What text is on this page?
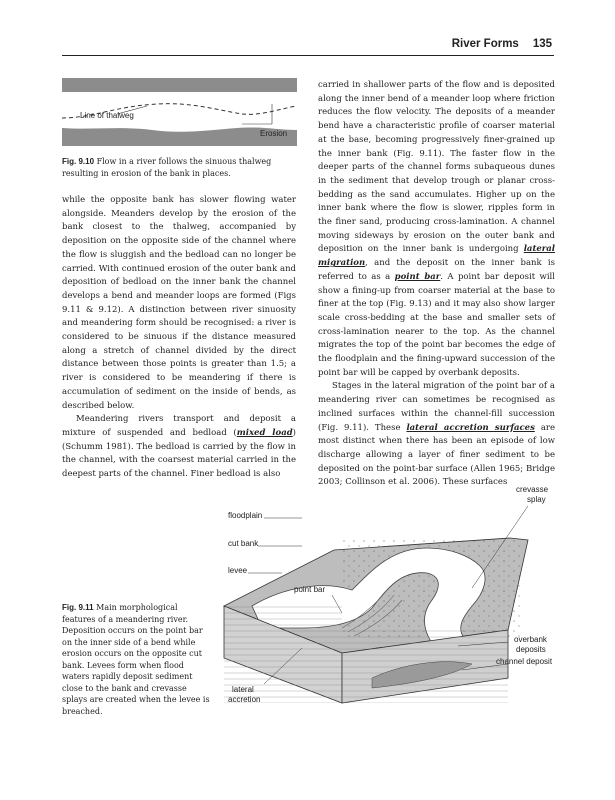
River Forms 135
Line of thalweg
Erosion
Fig. 9.10 Flow in a river follows the sinuous thalweg resulting in erosion of the bank in places.

while the opposite bank has slower flowing water alongside. Meanders develop by the erosion of the bank closest to the thalweg, accompanied by deposition on the opposite side of the channel where the flow is sluggish and the bedload can no longer be carried. With continued erosion of the outer bank and deposition of bedload on the inner bank the channel develops a bend and meander loops are formed (Figs 9.11 & 9.12). A distinction between river sinuosity and meandering form should be recognised: a river is considered to be sinuous if the distance measured along a stretch of channel divided by the direct distance between those points is greater than 1.5; a river is considered to be meandering if there is accumulation of sediment on the inside of bends, as described below.

Meandering rivers transport and deposit a mixture of suspended and bedload (mixed load) (Schumm 1981). The bedload is carried by the flow in the channel, with the coarsest material carried in the deepest parts of the channel. Finer bedload is also

carried in shallower parts of the flow and is deposited along the inner bend of a meander loop where friction reduces the flow velocity. The deposits of a meander bend have a characteristic profile of coarser material at the base, becoming progressively finer-grained up the inner bank (Fig. 9.11). The faster flow in the deeper parts of the channel forms subaqueous dunes in the sediment that develop trough or planar cross-bedding as the sand accumulates. Higher up on the inner bank where the flow is slower, ripples form in the finer sand, producing cross-lamination. A channel moving sideways by erosion on the outer bank and deposition on the inner bank is undergoing lateral migration, and the deposit on the inner bank is referred to as a point bar. A point bar deposit will show a fining-up from coarser material at the base to finer at the top (Fig. 9.13) and it may also show larger scale cross-bedding at the base and smaller sets of cross-lamination nearer to the top. As the channel migrates the top of the point bar becomes the edge of the floodplain and the fining-upward succession of the point bar will be capped by overbank deposits.

Stages in the lateral migration of the point bar of a meandering river can sometimes be recognised as inclined surfaces within the channel-fill succession (Fig. 9.11). These lateral accretion surfaces are most distinct when there has been an episode of low discharge allowing a layer of finer sediment to be deposited on the point-bar surface (Allen 1965; Bridge 2003; Collinson et al. 2006). These surfaces

crevasse
splay
floodplain
cut bank
levee
point bar
overbank
deposits
channel deposit
lateral
accretion
Fig. 9.11 Main morphological features of a meandering river. Deposition occurs on the point bar on the inner side of a bend while erosion occurs on the opposite cut bank. Levees form when flood waters rapidly deposit sediment close to the bank and crevasse splays are created when the levee is breached.
